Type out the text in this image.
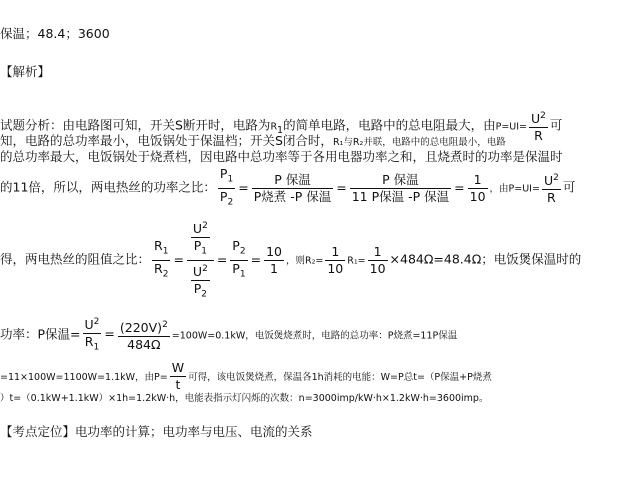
保温；48.4；3600
【解析】
试题分析：由电路图可知，开关S断开时，电路为$R_1$的简单电路，电路中的总电阻最大，由$P=UI= \frac{U^2}{R}$ 可
知，电路的总功率最小，电饭锅处于保温档；开关S闭合时，R₁与R₂并联，电路中的总电阻最小，电路
的总功率最大，电饭锅处于烧煮档，因电路中总功率等于各用电器功率之和，且烧煮时的功率是保温时
的11倍，所以，两电热丝的功率之比： $\frac{P_1}{P_2} = \frac{\text{P 保温}}{\text{P烧煮 -P 保温}} = \frac{\text{P 保温}}{\text{11 P保温 -P 保温}} = \frac{1}{10}$ ，由$P=UI= \frac{U^2}{R}$ 可
得，两电热丝的阻值之比： $\frac{R_1}{R_2} = \frac{\frac{U^2}{P_1}}{\frac{U^2}{P_2}} = \frac{P_2}{P_1} = \frac{10}{1}$ ，则$R_2= \frac{1}{10} R_1= \frac{1}{10} \times 484\Omega=48.4\Omega$；电饭煲保温时的
功率：P保温= $\frac{U^2}{R_1} = \frac{(220V)^2}{484\Omega} =100W=0.1kW$，电饭煲烧煮时，电路的总功率：P烧煮=11P保温
=11×100W=1100W=1.1kW，由$P= \frac{W}{t}$ 可得，该电饭煲烧煮，保温各1h消耗的电能：W=P总t=（P保温+P烧煮
）t=（0.1kW+1.1kW）×1h=1.2kW·h，电能表指示灯闪烁的次数：n=3000imp/kW·h×1.2kW·h=3600imp。
【考点定位】电功率的计算；电功率与电压、电流的关系
